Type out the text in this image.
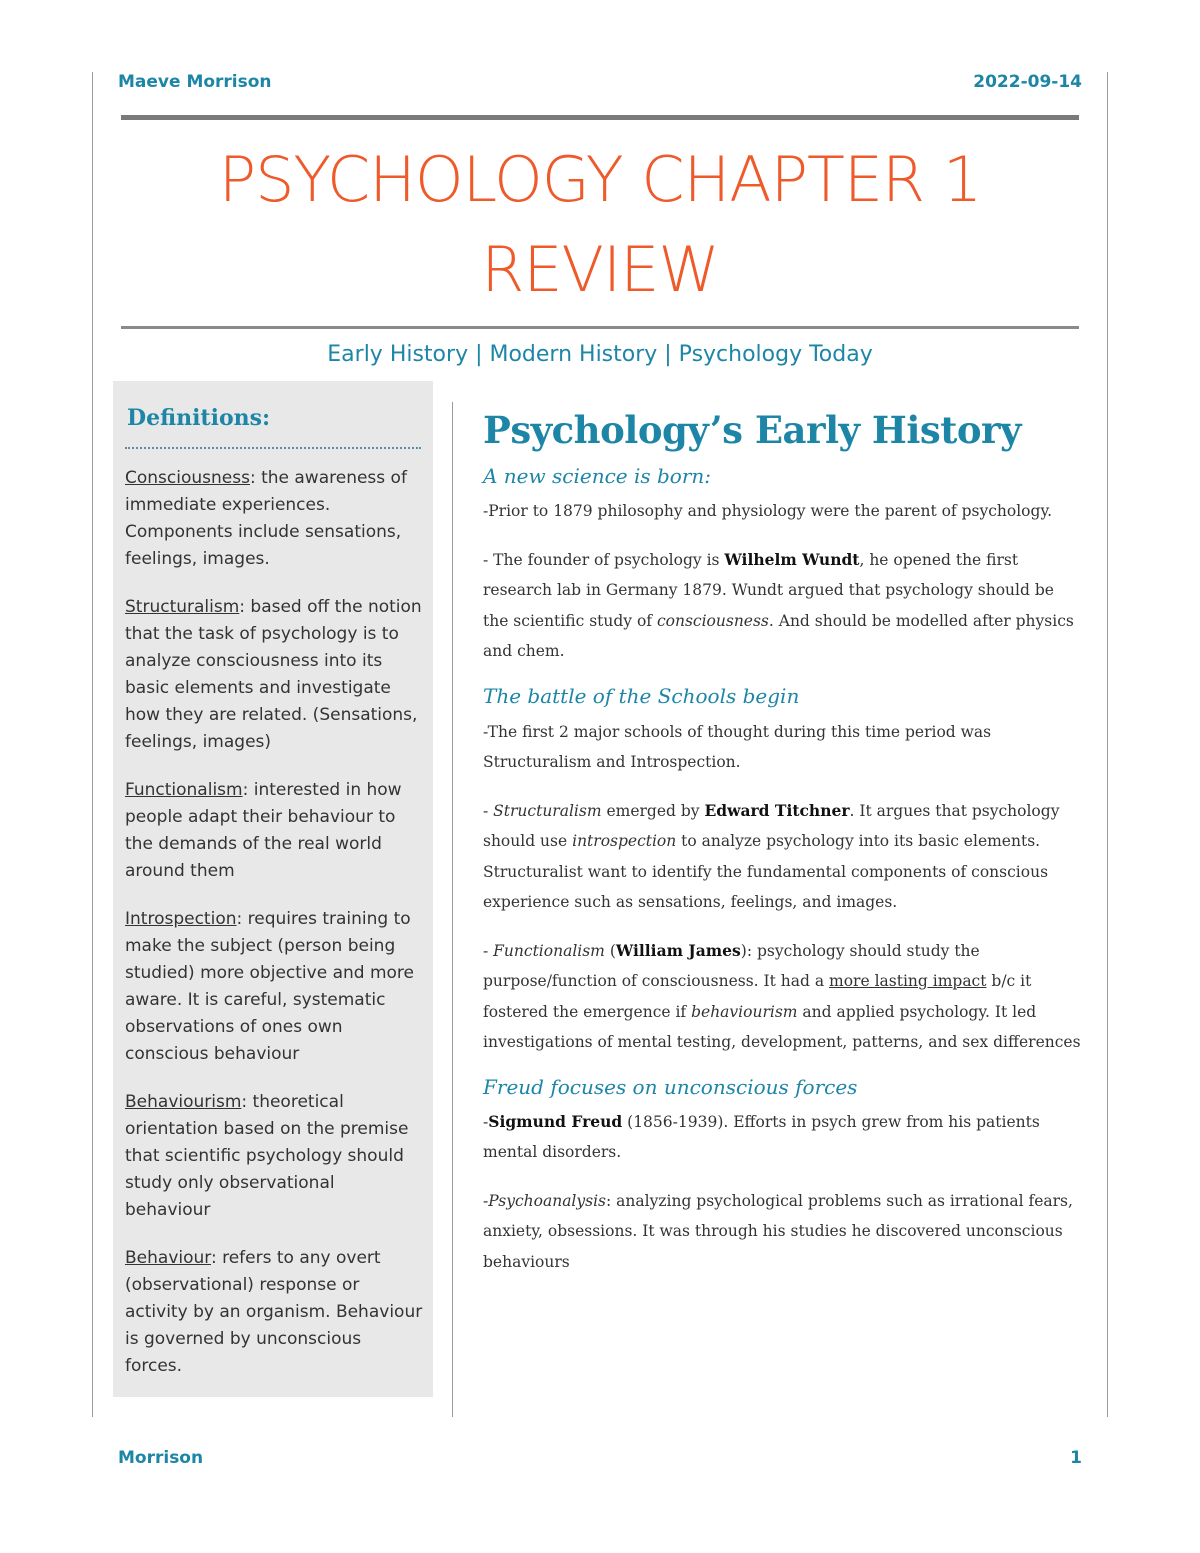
Maeve Morrison	2022-09-14
PSYCHOLOGY CHAPTER 1
REVIEW
Early History | Modern History | Psychology Today
Definitions:
Consciousness: the awareness of immediate experiences. Components include sensations, feelings, images.
Structuralism: based off the notion that the task of psychology is to analyze consciousness into its basic elements and investigate how they are related. (Sensations, feelings, images)
Functionalism: interested in how people adapt their behaviour to the demands of the real world around them
Introspection: requires training to make the subject (person being studied) more objective and more aware. It is careful, systematic observations of ones own conscious behaviour
Behaviourism: theoretical orientation based on the premise that scientific psychology should study only observational behaviour
Behaviour: refers to any overt (observational) response or activity by an organism. Behaviour is governed by unconscious forces.
Psychology’s Early History
A new science is born:

-Prior to 1879 philosophy and physiology were the parent of psychology.

- The founder of psychology is Wilhelm Wundt, he opened the first research lab in Germany 1879. Wundt argued that psychology should be the scientific study of consciousness. And should be modelled after physics and chem.

The battle of the Schools begin

-The first 2 major schools of thought during this time period was Structuralism and Introspection.

- Structuralism emerged by Edward Titchner. It argues that psychology should use introspection to analyze psychology into its basic elements. Structuralist want to identify the fundamental components of conscious experience such as sensations, feelings, and images.

- Functionalism (William James): psychology should study the purpose/function of consciousness. It had a more lasting impact b/c it fostered the emergence if behaviourism and applied psychology. It led investigations of mental testing, development, patterns, and sex differences

Freud focuses on unconscious forces

-Sigmund Freud (1856-1939). Efforts in psych grew from his patients mental disorders.

-Psychoanalysis: analyzing psychological problems such as irrational fears, anxiety, obsessions. It was through his studies he discovered unconscious behaviours

Morrison	1
